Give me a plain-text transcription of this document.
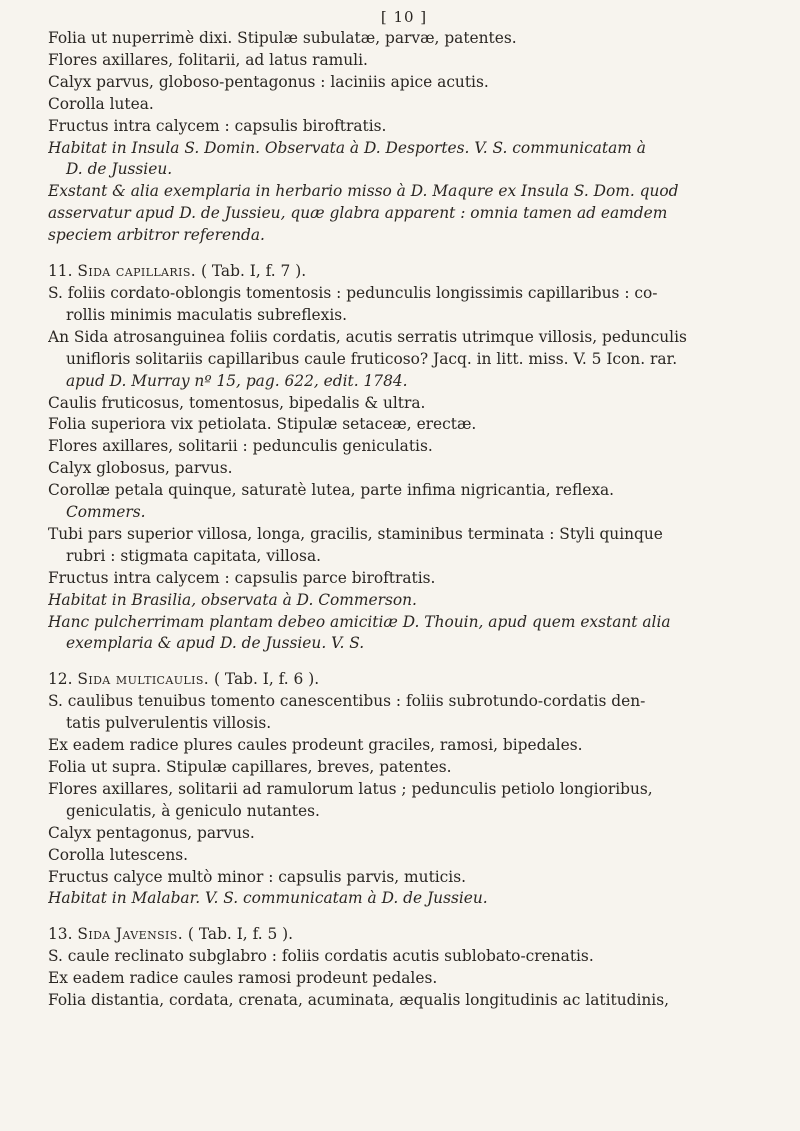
[ 10 ]
Folia ut nuperrimè dixi. Stipulæ subulatæ, parvæ, patentes.
Flores axillares, folitarii, ad latus ramuli.
Calyx parvus, globoso-pentagonus : laciniis apice acutis.
Corolla lutea.
Fructus intra calycem : capsulis biroftratis.
Habitat in Insula S. Domin. Observata à D. Desportes. V. S. communicatam à
D. de Jussieu.
Exstant & alia exemplaria in herbario misso à D. Maqure ex Insula S. Dom. quod
asservatur apud D. de Jussieu, quæ glabra apparent : omnia tamen ad eamdem
speciem arbitror referenda.
11. Sida capillaris. ( Tab. I, f. 7 ).
S. foliis cordato-oblongis tomentosis : pedunculis longissimis capillaribus : co-
rollis minimis maculatis subreflexis.
An Sida atrosanguinea foliis cordatis, acutis serratis utrimque villosis, pedunculis
unifloris solitariis capillaribus caule fruticoso? Jacq. in litt. miss. V. 5 Icon. rar.
apud D. Murray nº 15, pag. 622, edit. 1784.
Caulis fruticosus, tomentosus, bipedalis & ultra.
Folia superiora vix petiolata. Stipulæ setaceæ, erectæ.
Flores axillares, solitarii : pedunculis geniculatis.
Calyx globosus, parvus.
Corollæ petala quinque, saturatè lutea, parte infima nigricantia, reflexa.
Commers.
Tubi pars superior villosa, longa, gracilis, staminibus terminata : Styli quinque
rubri : stigmata capitata, villosa.
Fructus intra calycem : capsulis parce biroftratis.
Habitat in Brasilia, observata à D. Commerson.
Hanc pulcherrimam plantam debeo amicitiæ D. Thouin, apud quem exstant alia
exemplaria & apud D. de Jussieu. V. S.
12. Sida multicaulis. ( Tab. I, f. 6 ).
S. caulibus tenuibus tomento canescentibus : foliis subrotundo-cordatis den-
tatis pulverulentis villosis.
Ex eadem radice plures caules prodeunt graciles, ramosi, bipedales.
Folia ut supra. Stipulæ capillares, breves, patentes.
Flores axillares, solitarii ad ramulorum latus ; pedunculis petiolo longioribus,
geniculatis, à geniculo nutantes.
Calyx pentagonus, parvus.
Corolla lutescens.
Fructus calyce multò minor : capsulis parvis, muticis.
Habitat in Malabar. V. S. communicatam à D. de Jussieu.
13. Sida Javensis. ( Tab. I, f. 5 ).
S. caule reclinato subglabro : foliis cordatis acutis sublobato-crenatis.
Ex eadem radice caules ramosi prodeunt pedales.
Folia distantia, cordata, crenata, acuminata, æqualis longitudinis ac latitudinis,
